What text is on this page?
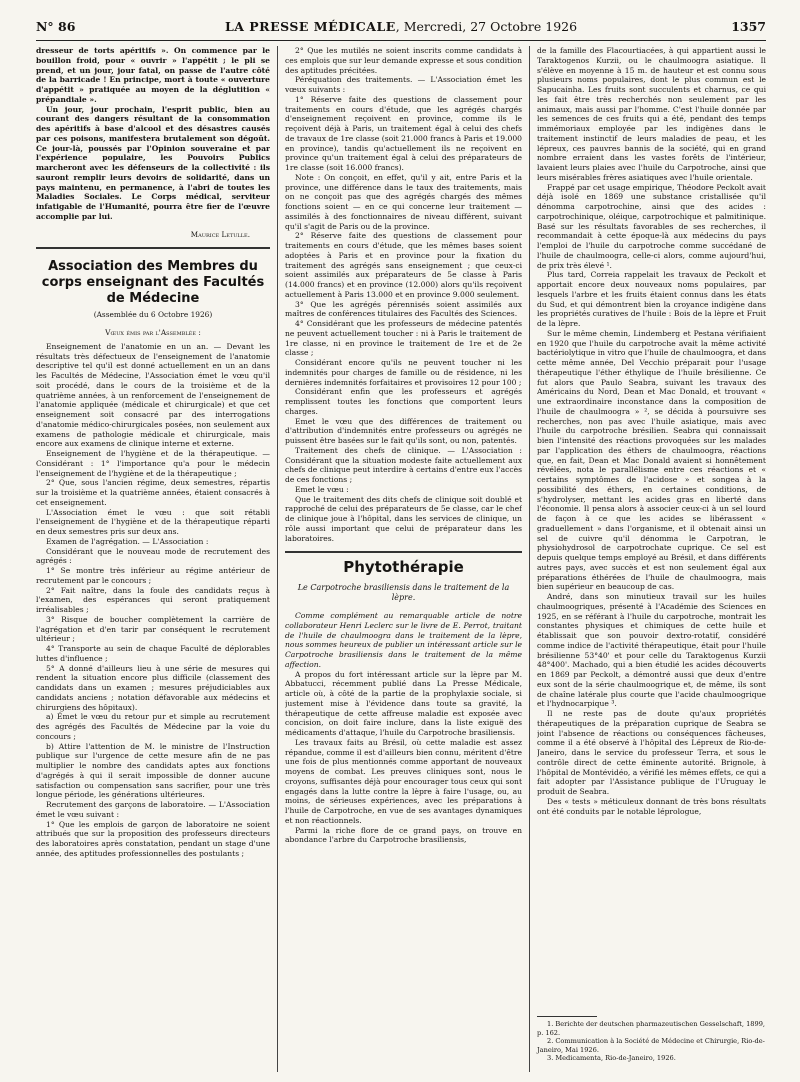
N° 86	LA PRESSE MÉDICALE, Mercredi, 27 Octobre 1926	1357

dresseur de torts apéritifs ». On commence par le bouillon froid, pour « ouvrir » l'appétit ; le pli se prend, et un jour, jour fatal, on passe de l'autre côté de la barricade ! En principe, mort à toute « ouverture d'appétit » pratiquée au moyen de la déglutition « prépandiale ».

Un jour, jour prochain, l'esprit public, bien au courant des dangers résultant de la consommation des apéritifs à base d'alcool et des désastres causés par ces poisons, manifestera brutalement son dégoût. Ce jour-là, poussés par l'Opinion souveraine et par l'expérience populaire, les Pouvoirs Publics marcheront avec les défenseurs de la collectivité : ils sauront remplir leurs devoirs de solidarité, dans un pays maintenu, en permanence, à l'abri de toutes les Maladies Sociales. Le Corps médical, serviteur infatigable de l'Humanité, pourra être fier de l'œuvre accomplie par lui.

Maurice Letulle.
Association des Membres du corps enseignant des Facultés de Médecine
(Assemblée du 6 Octobre 1926)
Vœux émis par l'Assemblée :

Enseignement de l'anatomie en un an. — Devant les résultats très défectueux de l'enseignement de l'anatomie descriptive tel qu'il est donné actuellement en un an dans les Facultés de Médecine, l'Association émet le vœu qu'il soit procédé, dans le cours de la troisième et de la quatrième années, à un renforcement de l'enseignement de l'anatomie appliquée (médicale et chirurgicale) et que cet enseignement soit consacré par des interrogations d'anatomie médico-chirurgicales posées, non seulement aux examens de pathologie médicale et chirurgicale, mais encore aux examens de clinique interne et externe.

Enseignement de l'hygiène et de la thérapeutique. — Considérant : 1° l'importance qu'a pour le médecin l'enseignement de l'hygiène et de la thérapeutique ;

2° Que, sous l'ancien régime, deux semestres, répartis sur la troisième et la quatrième années, étaient consacrés à cet enseignement.

L'Association émet le vœu : que soit rétabli l'enseignement de l'hygiène et de la thérapeutique réparti en deux semestres pris sur deux ans.

Examen de l'agrégation. — L'Association :

Considérant que le nouveau mode de recrutement des agrégés :

1° Se montre très inférieur au régime antérieur de recrutement par le concours ;

2° Fait naître, dans la foule des candidats reçus à l'examen, des espérances qui seront pratiquement irréalisables ;

3° Risque de boucher complètement la carrière de l'agrégation et d'en tarir par conséquent le recrutement ultérieur ;

4° Transporte au sein de chaque Faculté de déplorables luttes d'influence ;

5° A donné d'ailleurs lieu à une série de mesures qui rendent la situation encore plus difficile (classement des candidats dans un examen ; mesures préjudiciables aux candidats anciens ; notation défavorable aux médecins et chirurgiens des hôpitaux).

a) Émet le vœu du retour pur et simple au recrutement des agrégés des Facultés de Médecine par la voie du concours ;

b) Attire l'attention de M. le ministre de l'Instruction publique sur l'urgence de cette mesure afin de ne pas multiplier le nombre des candidats aptes aux fonctions d'agrégés à qui il serait impossible de donner aucune satisfaction ou compensation sans sacrifier, pour une très longue période, les générations ultérieures.

Recrutement des garçons de laboratoire. — L'Association émet le vœu suivant :

1° Que les emplois de garçon de laboratoire ne soient attribués que sur la proposition des professeurs directeurs des laboratoires après constatation, pendant un stage d'une année, des aptitudes professionnelles des postulants ;

2° Que les mutilés ne soient inscrits comme candidats à ces emplois que sur leur demande expresse et sous condition des aptitudes précitées.

Péréquation des traitements. — L'Association émet les vœux suivants :

1° Réserve faite des questions de classement pour traitements en cours d'étude, que les agrégés chargés d'enseignement reçoivent en province, comme ils le reçoivent déjà à Paris, un traitement égal à celui des chefs de travaux de 1re classe (soit 21.000 francs à Paris et 19.000 en province), tandis qu'actuellement ils ne reçoivent en province qu'un traitement égal à celui des préparateurs de 1re classe (soit 16.000 francs).

Note : On conçoit, en effet, qu'il y ait, entre Paris et la province, une différence dans le taux des traitements, mais on ne conçoit pas que des agrégés chargés des mêmes fonctions soient — en ce qui concerne leur traitement — assimilés à des fonctionnaires de niveau différent, suivant qu'il s'agit de Paris ou de la province.

2° Réserve faite des questions de classement pour traitements en cours d'étude, que les mêmes bases soient adoptées à Paris et en province pour la fixation du traitement des agrégés sans enseignement ; que ceux-ci soient assimilés aux préparateurs de 5e classe à Paris (14.000 francs) et en province (12.000) alors qu'ils reçoivent actuellement à Paris 13.000 et en province 9.000 seulement.

3° Que les agrégés pérennisés soient assimilés aux maîtres de conférences titulaires des Facultés des Sciences.

4° Considérant que les professeurs de médecine patentés ne peuvent actuellement toucher : ni à Paris le traitement de 1re classe, ni en province le traitement de 1re et de 2e classe ;

Considérant encore qu'ils ne peuvent toucher ni les indemnités pour charges de famille ou de résidence, ni les dernières indemnités forfaitaires et provisoires 12 pour 100 ;

Considérant enfin que les professeurs et agrégés remplissent toutes les fonctions que comportent leurs charges.

Emet le vœu que des différences de traitement ou d'attribution d'indemnités entre professeurs ou agrégés ne puissent être basées sur le fait qu'ils sont, ou non, patentés.

Traitement des chefs de clinique. — L'Association : Considérant que la situation modeste faite actuellement aux chefs de clinique peut interdire à certains d'entre eux l'accès de ces fonctions ;

Emet le vœu :

Que le traitement des dits chefs de clinique soit doublé et rapproché de celui des préparateurs de 5e classe, car le chef de clinique joue à l'hôpital, dans les services de clinique, un rôle aussi important que celui de préparateur dans les laboratoires.

Phytothérapie
Le Carpotroche brasiliensis dans le traitement de la lèpre.

Comme complément au remarquable article de notre collaborateur Henri Leclerc sur le livre de E. Perrot, traitant de l'huile de chaulmoogra dans le traitement de la lèpre, nous sommes heureux de publier un intéressant article sur le Carpotroche brasiliensis dans le traitement de la même affection.

A propos du fort intéressant article sur la lèpre par M. Abbatucci, récemment publié dans La Presse Médicale, article où, à côté de la partie de la prophylaxie sociale, si justement mise à l'évidence dans toute sa gravité, la thérapeutique de cette affreuse maladie est exposée avec concision, on doit faire inclure, dans la liste exiguë des médicaments d'attaque, l'huile du Carpotroche brasiliensis.

Les travaux faits au Brésil, où cette maladie est assez répandue, comme il est d'ailleurs bien connu, méritent d'être une fois de plus mentionnés comme apportant de nouveaux moyens de combat. Les preuves cliniques sont, nous le croyons, suffisantes déjà pour encourager tous ceux qui sont engagés dans la lutte contre la lèpre à faire l'usage, ou, au moins, de sérieuses expériences, avec les préparations à l'huile de Carpotroche, en vue de ses avantages dynamiques et non réactionnels.

Parmi la riche flore de ce grand pays, on trouve en abondance l'arbre du Carpotroche brasiliensis,

de la famille des Flacourtiacées, à qui appartient aussi le Taraktogenos Kurzii, ou le chaulmoogra asiatique. Il s'élève en moyenne à 15 m. de hauteur et est connu sous plusieurs noms populaires, dont le plus commun est le Sapucainha. Les fruits sont succulents et charnus, ce qui les fait être très recherchés non seulement par les animaux, mais aussi par l'homme. C'est l'huile donnée par les semences de ces fruits qui a été, pendant des temps immémoriaux employée par les indigènes dans le traitement instinctif de leurs maladies de peau, et les lépreux, ces pauvres bannis de la société, qui en grand nombre erraient dans les vastes forêts de l'intérieur, lavaient leurs plaies avec l'huile du Carpotroche, ainsi que leurs misérables frères asiatiques avec l'huile orientale.

Frappé par cet usage empirique, Théodore Peckolt avait déjà isolé en 1869 une substance cristallisée qu'il dénomma carpotrochine, ainsi que des acides : carpotrochinique, oléique, carpotrochique et palmitinique. Basé sur les résultats favorables de ses recherches, il recommandait à cette époque-là aux médecins du pays l'emploi de l'huile du carpotroche comme succédané de l'huile de chaulmoogra, celle-ci alors, comme aujourd'hui, de prix très élevé ¹.

Plus tard, Correia rappelait les travaux de Peckolt et apportait encore deux nouveaux noms populaires, par lesquels l'arbre et les fruits étaient connus dans les états du Sud, et qui démontrent bien la croyance indigène dans les propriétés curatives de l'huile : Bois de la lèpre et Fruit de la lèpre.

Sur le même chemin, Lindemberg et Pestana vérifiaient en 1920 que l'huile du carpotroche avait la même activité bactériolytique in vitro que l'huile de chaulmoogra, et dans cette même année, Del Vecchio préparait pour l'usage thérapeutique l'éther éthylique de l'huile brésilienne. Ce fut alors que Paulo Seabra, suivant les travaux des Américains du Nord, Dean et Mac Donald, et trouvant « une extraordinaire inconstance dans la composition de l'huile de chaulmoogra » ², se décida à poursuivre ses recherches, non pas avec l'huile asiatique, mais avec l'huile du carpotroche brésilien. Seabra qui connaissait bien l'intensité des réactions provoquées sur les malades par l'application des éthers de chaulmoogra, réactions que, en fait, Dean et Mac Donald avaient si honnêtement révélées, nota le parallélisme entre ces réactions et « certains symptômes de l'acidose » et songea à la possibilité des éthers, en certaines conditions, de s'hydrolyser, mettant les acides gras en liberté dans l'économie. Il pensa alors à associer ceux-ci à un sel lourd de façon à ce que les acides se libérassent « graduellement » dans l'organisme, et il obtenait ainsi un sel de cuivre qu'il dénomma le Carpotran, le physiohydrosol de carpotrochate cuprique. Ce sel est depuis quelque temps employé au Brésil, et dans différents autres pays, avec succès et est non seulement égal aux préparations éthérées de l'huile de chaulmoogra, mais bien supérieur en beaucoup de cas.

André, dans son minutieux travail sur les huiles chaulmoogriques, présenté à l'Académie des Sciences en 1925, en se référant à l'huile du carpotroche, montrait les constantes physiques et chimiques de cette huile et établissait que son pouvoir dextro-rotatif, considéré comme indice de l'activité thérapeutique, était pour l'huile brésilienne 53°40' et pour celle du Taraktogenus Kurzii 48°400'. Machado, qui a bien étudié les acides découverts en 1869 par Peckolt, a démontré aussi que deux d'entre eux sont de la série chaulmoogrique et, de même, ils sont de chaîne latérale plus courte que l'acide chaulmoogrique et l'hydnocarpique ³.

Il ne reste pas de doute qu'aux propriétés thérapeutiques de la préparation cuprique de Seabra se joint l'absence de réactions ou conséquences fâcheuses, comme il a été observé à l'hôpital des Lépreux de Rio-de-Janeiro, dans le service du professeur Terra, et sous le contrôle direct de cette éminente autorité. Brignole, à l'hôpital de Montévidéo, a vérifié les mêmes effets, ce qui a fait adopter par l'Assistance publique de l'Uruguay le produit de Seabra.

Des « tests » méticuleux donnant de très bons résultats ont été conduits par le notable léprologue,

1. Berichte der deutschen pharmazeutischen Gesselschaft, 1899, p. 162.

2. Communication à la Société de Médecine et Chirurgie, Rio-de-Janeiro, Mai 1926.

3. Medicamenta, Rio-de-Janeiro, 1926.
